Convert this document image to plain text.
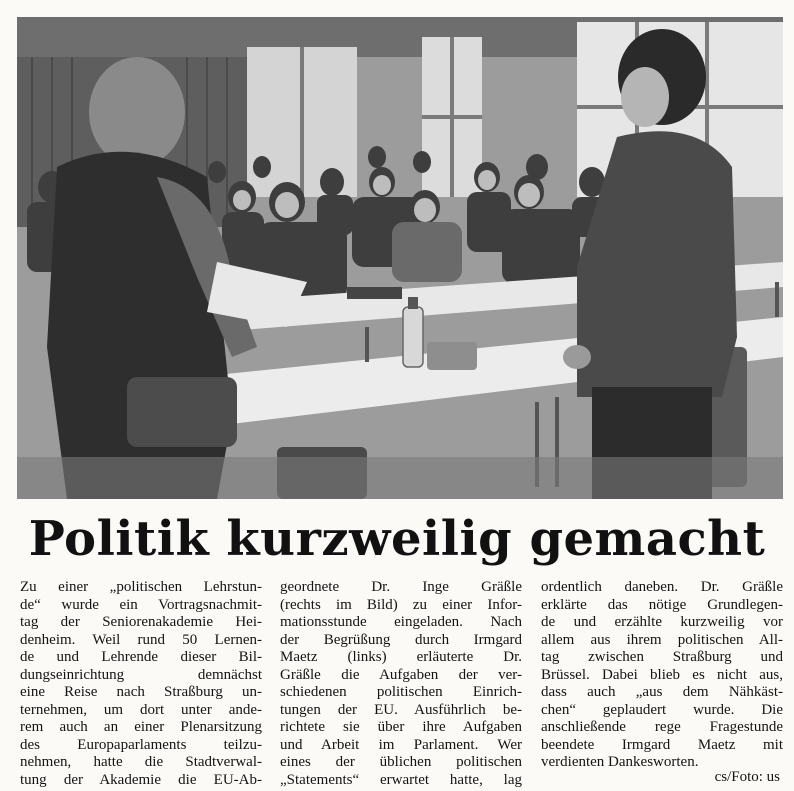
Politik kurzweilig gemacht
Zu einer „politischen Lehrstun-
de“ wurde ein Vortragsnachmit-
tag der Seniorenakademie Hei-
denheim. Weil rund 50 Lernen-
de und Lehrende dieser Bil-
dungseinrichtung demnächst
eine Reise nach Straßburg un-
ternehmen, um dort unter ande-
rem auch an einer Plenarsitzung
des Europaparlaments teilzu-
nehmen, hatte die Stadtverwal-
tung der Akademie die EU-Ab-
geordnete Dr. Inge Gräßle
(rechts im Bild) zu einer Infor-
mationsstunde eingeladen. Nach
der Begrüßung durch Irmgard
Maetz (links) erläuterte Dr.
Gräßle die Aufgaben der ver-
schiedenen politischen Einrich-
tungen der EU. Ausführlich be-
richtete sie über ihre Aufgaben
und Arbeit im Parlament. Wer
eines der üblichen politischen
„Statements“ erwartet hatte, lag
ordentlich daneben. Dr. Gräßle
erklärte das nötige Grundlegen-
de und erzählte kurzweilig vor
allem aus ihrem politischen All-
tag zwischen Straßburg und
Brüssel. Dabei blieb es nicht aus,
dass auch „aus dem Nähkäst-
chen“ geplaudert wurde. Die
anschließende rege Fragestunde
beendete Irmgard Maetz mit
verdienten Dankesworten.
cs/Foto: us
